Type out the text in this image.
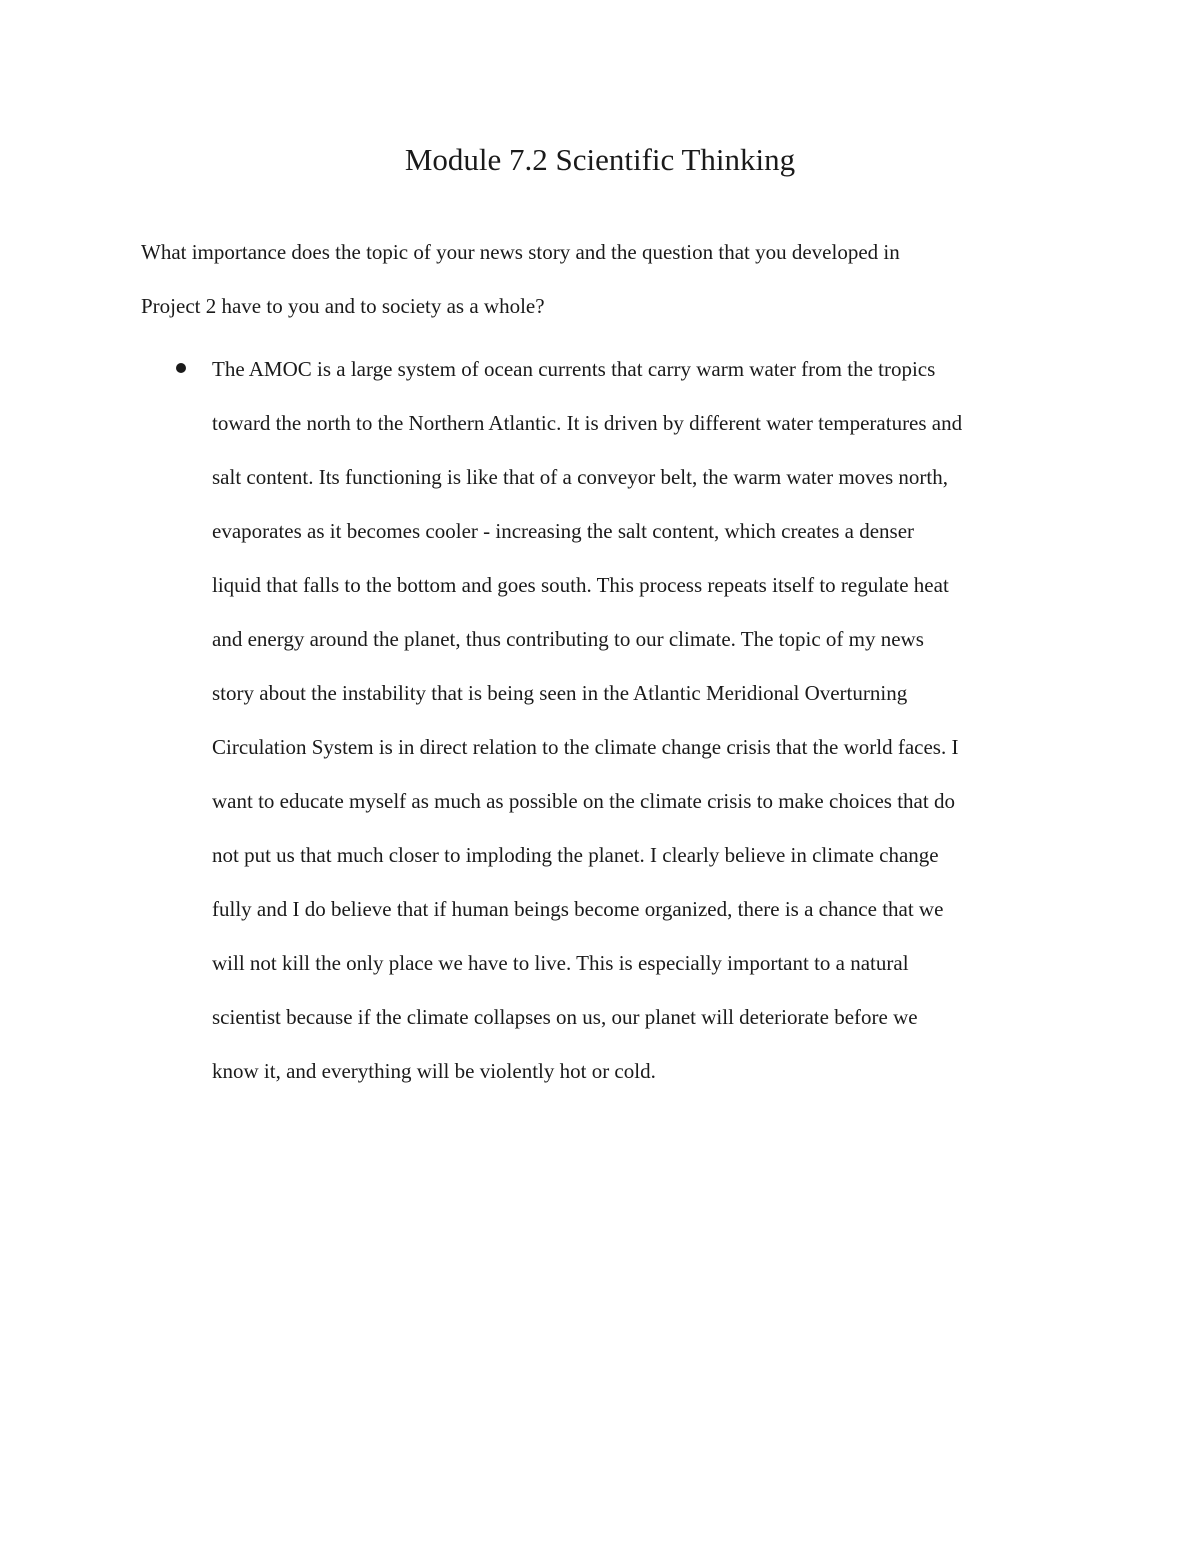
Module 7.2 Scientific Thinking

What importance does the topic of your news story and the question that you developed in
Project 2 have to you and to society as a whole?

The AMOC is a large system of ocean currents that carry warm water from the tropics
toward the north to the Northern Atlantic. It is driven by different water temperatures and
salt content. Its functioning is like that of a conveyor belt, the warm water moves north,
evaporates as it becomes cooler - increasing the salt content, which creates a denser
liquid that falls to the bottom and goes south. This process repeats itself to regulate heat
and energy around the planet, thus contributing to our climate. The topic of my news
story about the instability that is being seen in the Atlantic Meridional Overturning
Circulation System is in direct relation to the climate change crisis that the world faces. I
want to educate myself as much as possible on the climate crisis to make choices that do
not put us that much closer to imploding the planet. I clearly believe in climate change
fully and I do believe that if human beings become organized, there is a chance that we
will not kill the only place we have to live. This is especially important to a natural
scientist because if the climate collapses on us, our planet will deteriorate before we
know it, and everything will be violently hot or cold.
